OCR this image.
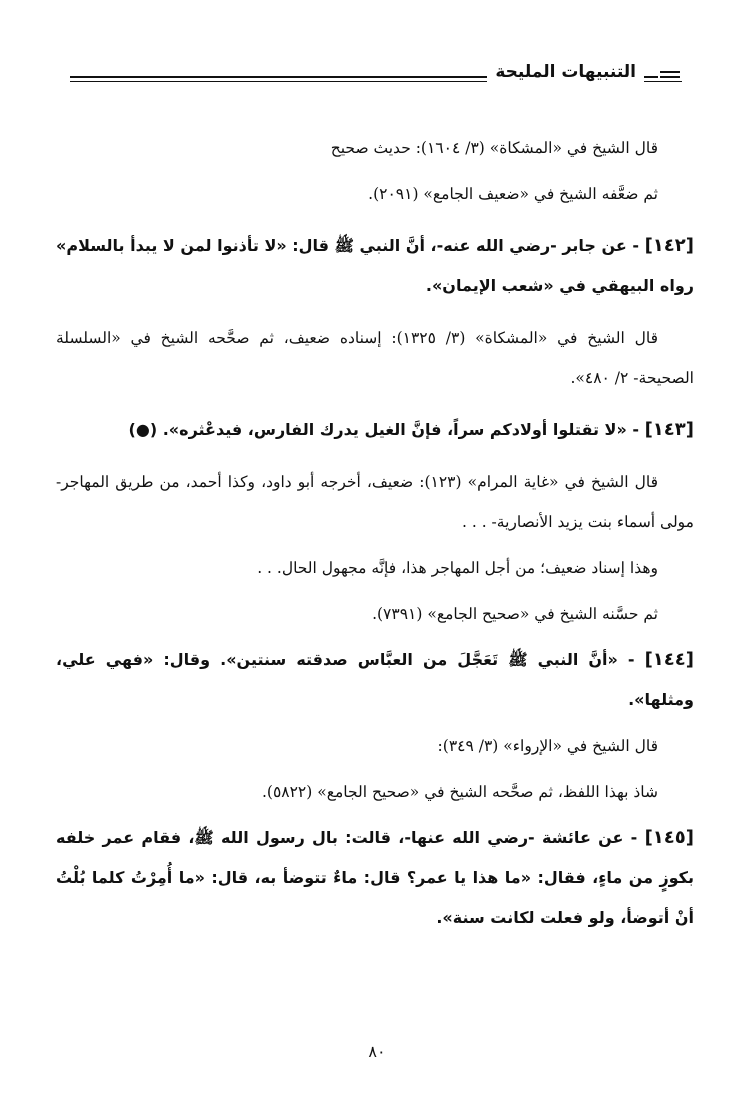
التنبيهات المليحة

قال الشيخ في «المشكاة» (٣/ ١٦٠٤): حديث صحيح

ثم ضعَّفه الشيخ في «ضعيف الجامع» (٢٠٩١).

[١٤٢] - عن جابر -رضي الله عنه-، أنَّ النبي ﷺ قال: «لا تأذنوا لمن لا يبدأ بالسلام» رواه البيهقي في «شعب الإيمان».

قال الشيخ في «المشكاة» (٣/ ١٣٢٥): إسناده ضعيف، ثم صحَّحه الشيخ في «السلسلة الصحيحة- ٢/ ٤٨٠».

[١٤٣] - «لا تقتلوا أولادكم سراً، فإنَّ الغيل يدرك الفارس، فيدعْثره». (●)

قال الشيخ في «غاية المرام» (١٢٣): ضعيف، أخرجه أبو داود، وكذا أحمد، من طريق المهاجر- مولى أسماء بنت يزيد الأنصارية- . . .

وهذا إسناد ضعيف؛ من أجل المهاجر هذا، فإنَّه مجهول الحال. . .

ثم حسَّنه الشيخ في «صحيح الجامع» (٧٣٩١).

[١٤٤] - «أنَّ النبي ﷺ تَعَجَّلَ من العبَّاس صدقته سنتين». وقال: «فهي علي، ومثلها».

قال الشيخ في «الإرواء» (٣/ ٣٤٩):

شاذ بهذا اللفظ، ثم صحَّحه الشيخ في «صحيح الجامع» (٥٨٢٢).

[١٤٥] - عن عائشة -رضي الله عنها-، قالت: بال رسول الله ﷺ، فقام عمر خلفه بكوزٍ من ماءٍ، فقال: «ما هذا يا عمر؟ قال: ماءٌ تتوضأ به، قال: «ما أُمِرْتُ كلما بُلْتُ أنْ أتوضأ، ولو فعلت لكانت سنة».

٨٠
